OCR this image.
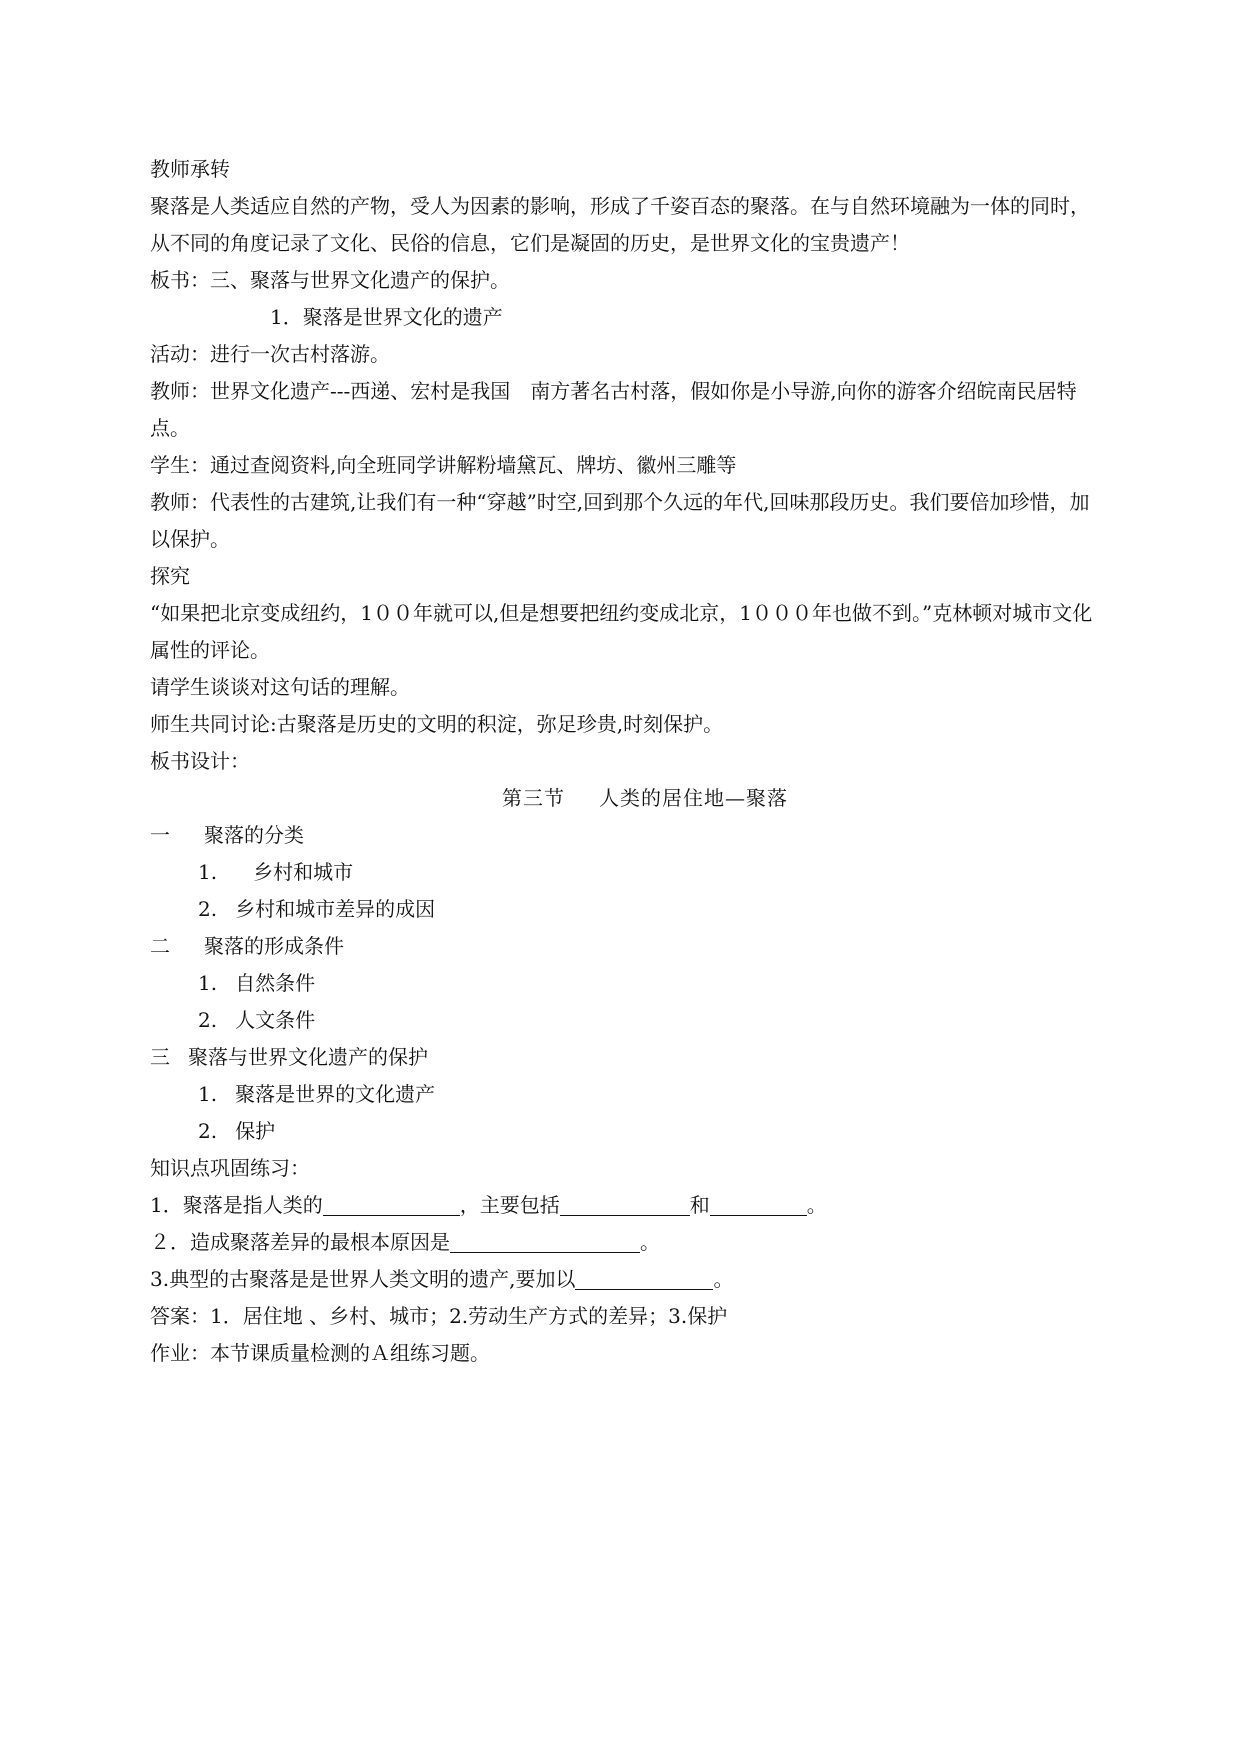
教师承转
聚落是人类适应自然的产物，受人为因素的影响，形成了千姿百态的聚落。在与自然环境融为一体的同时，从不同的角度记录了文化、民俗的信息，它们是凝固的历史，是世界文化的宝贵遗产！
板书：三、聚落与世界文化遗产的保护。
1．聚落是世界文化的遗产
活动：进行一次古村落游。
教师：世界文化遗产---西递、宏村是我国　南方著名古村落，假如你是小导游,向你的游客介绍皖南民居特点。
学生：通过查阅资料,向全班同学讲解粉墙黛瓦、牌坊、徽州三雕等
教师：代表性的古建筑,让我们有一种“穿越”时空,回到那个久远的年代,回味那段历史。我们要倍加珍惜，加以保护。
探究
“如果把北京变成纽约，1００年就可以,但是想要把纽约变成北京，1０００年也做不到。”克林顿对城市文化属性的评论。
请学生谈谈对这句话的理解。
师生共同讨论:古聚落是历史的文明的积淀，弥足珍贵,时刻保护。
板书设计：
第三节 人类的居住地—聚落
一 聚落的分类
1. 乡村和城市
2. 乡村和城市差异的成因
二 聚落的形成条件
1. 自然条件
2. 人文条件
三 聚落与世界文化遗产的保护
1. 聚落是世界的文化遗产
2. 保护
知识点巩固练习：
1．聚落是指人类的	，主要包括	和	。
２．造成聚落差异的最根本原因是	。
3.典型的古聚落是是世界人类文明的遗产,要加以	。
答案：1．居住地 、乡村、城市；2.劳动生产方式的差异；3.保护
作业：本节课质量检测的Ａ组练习题。
